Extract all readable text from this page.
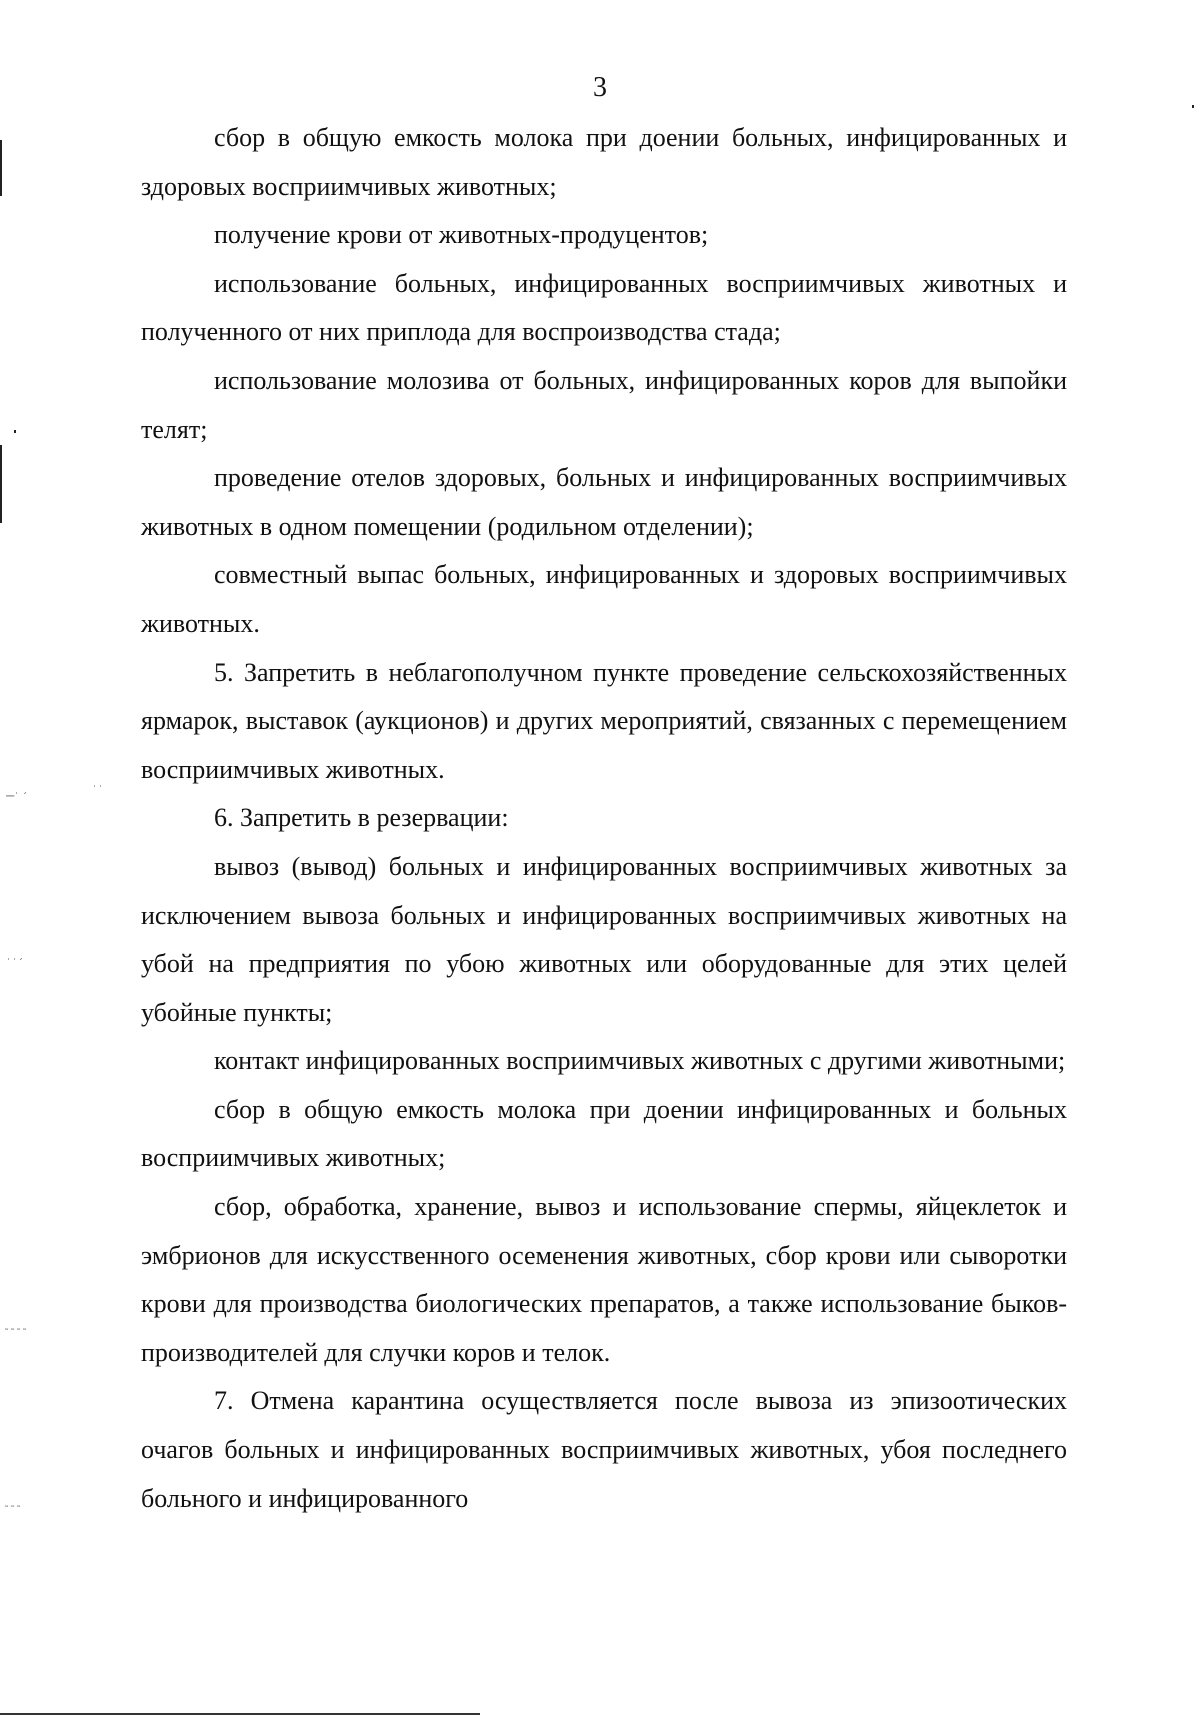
3

сбор в общую емкость молока при доении больных, инфицированных и здоровых восприимчивых животных;

получение крови от животных-продуцентов;

использование больных, инфицированных восприимчивых животных и полученного от них приплода для воспроизводства стада;

использование молозива от больных, инфицированных коров для выпойки телят;

проведение отелов здоровых, больных и инфицированных восприимчивых животных в одном помещении (родильном отделении);

совместный выпас больных, инфицированных и здоровых восприимчивых животных.

5. Запретить в неблагополучном пункте проведение сельскохозяйственных ярмарок, выставок (аукционов) и других мероприятий, связанных с перемещением восприимчивых животных.

6. Запретить в резервации:

вывоз (вывод) больных и инфицированных восприимчивых животных за исключением вывоза больных и инфицированных восприимчивых животных на убой на предприятия по убою животных или оборудованные для этих целей убойные пункты;

контакт инфицированных восприимчивых животных с другими животными;

сбор в общую емкость молока при доении инфицированных и больных восприимчивых животных;

сбор, обработка, хранение, вывоз и использование спермы, яйцеклеток и эмбрионов для искусственного осеменения животных, сбор крови или сыворотки крови для производства биологических препаратов, а также использование быков-производителей для случки коров и телок.

7. Отмена карантина осуществляется после вывоза из эпизоотических очагов больных и инфицированных восприимчивых животных, убоя последнего больного и инфицированного

᠆᠆˙ ˊ
˙˙
˙˙ˊ
˜˜˜˜
˜˜˜
